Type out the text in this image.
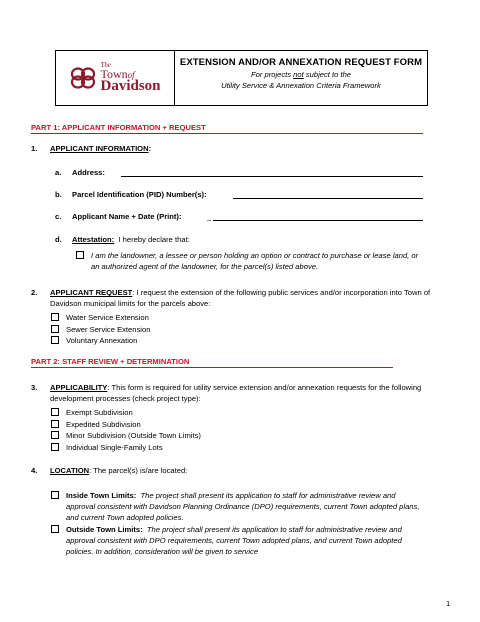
The
Townof
Davidson
EXTENSION AND/OR ANNEXATION REQUEST FORM
For projects not subject to the
Utility Service & Annexation Criteria Framework
PART 1: APPLICANT INFORMATION + REQUEST
1. APPLICANT INFORMATION:
a. Address:
b. Parcel Identification (PID) Number(s):
c. Applicant Name + Date (Print):	_
d. Attestation: I hereby declare that:
I am the landowner, a lessee or person holding an option or contract to purchase or lease land, or an authorized agent of the landowner, for the parcel(s) listed above.
2. APPLICANT REQUEST: I request the extension of the following public services and/or incorporation into Town of Davidson municipal limits for the parcels above:
Water Service Extension
Sewer Service Extension
Voluntary Annexation
PART 2: STAFF REVIEW + DETERMINATION
3. APPLICABILITY: This form is required for utility service extension and/or annexation requests for the following development processes (check project type):
Exempt Subdivision
Expedited Subdivision
Minor Subdivision (Outside Town Limits)
Individual Single-Family Lots
4. LOCATION: The parcel(s) is/are located:
Inside Town Limits: The project shall present its application to staff for administrative review and approval consistent with Davidson Planning Ordinance (DPO) requirements, current Town adopted plans, and current Town adopted policies.
Outside Town Limits: The project shall present its application to staff for administrative review and approval consistent with DPO requirements, current Town adopted plans, and current Town adopted policies. In addition, consideration will be given to service
1
